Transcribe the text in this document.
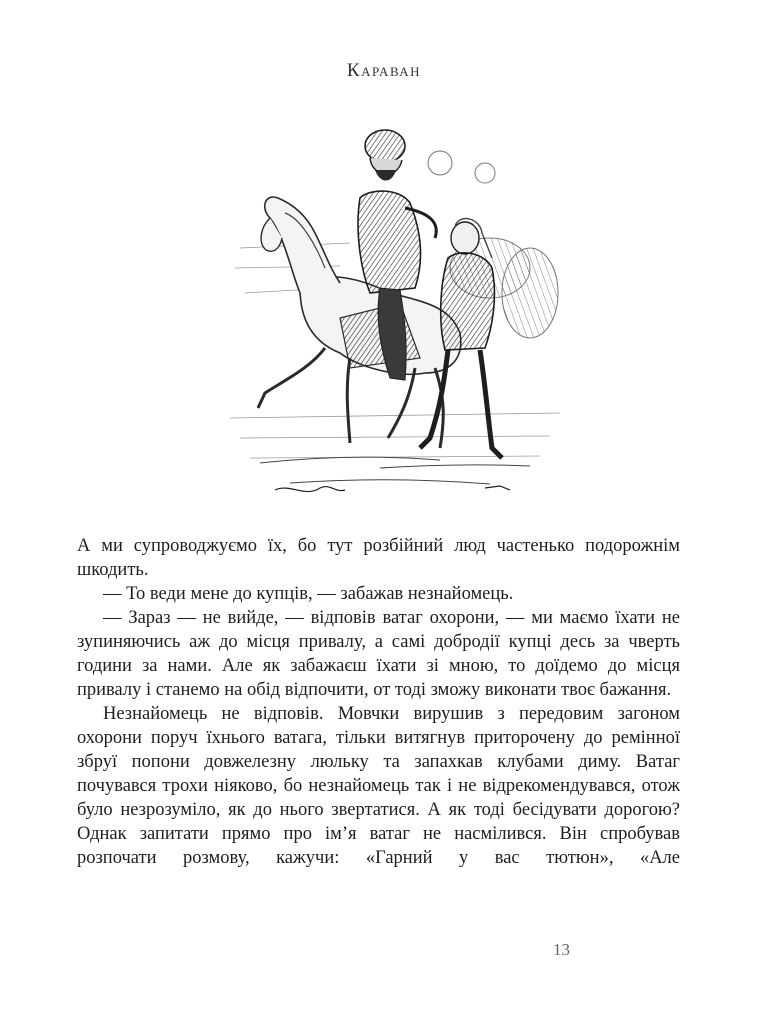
Караван

А ми супроводжуємо їх, бо тут розбійний люд частенько подорожнім шкодить.

— То веди мене до купців, — забажав незнайомець.

— Зараз — не вийде, — відповів ватаг охорони, — ми маємо їхати не зупиняючись аж до місця привалу, а самі добродії купці десь за чверть години за нами. Але як забажаєш їхати зі мною, то доїдемо до місця привалу і станемо на обід відпочити, от тоді зможу виконати твоє бажання.

Незнайомець не відповів. Мовчки вирушив з передовим загоном охорони поруч їхнього ватага, тільки витягнув приторочену до ремінної збруї попони довжелезну люльку та запахкав клубами диму. Ватаг почувався трохи ніяково, бо незнайомець так і не відрекомендувався, отож було незрозуміло, як до нього звертатися. А як тоді бесідувати дорогою? Однак запитати прямо про ім’я ватаг не насмілився. Він спробував розпочати розмову, кажучи: «Гарний у вас тютюн», «Але

13
